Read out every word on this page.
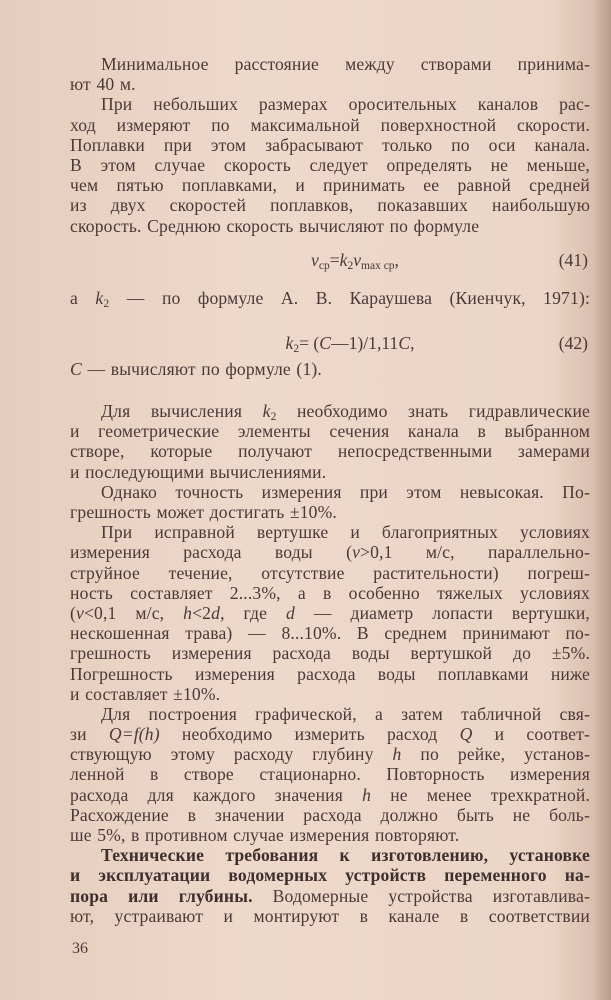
Минимальное расстояние между створами принима-
ют 40 м.
При небольших размерах оросительных каналов рас-
ход измеряют по максимальной поверхностной скорости.
Поплавки при этом забрасывают только по оси канала.
В этом случае скорость следует определять не меньше,
чем пятью поплавками, и принимать ее равной средней
из двух скоростей поплавков, показавших наибольшую
скорость. Среднюю скорость вычисляют по формуле
$v_{ср}=k_2v_{max ср}$,	(41)
а $k_2$ — по формуле А. В. Караушева (Киенчук, 1971):
$k_2=$ (C—1)/1,11C,	(42)
C — вычисляют по формуле (1).
Для вычисления $k_2$ необходимо знать гидравлические
и геометрические элементы сечения канала в выбранном
створе, которые получают непосредственными замерами
и последующими вычислениями.
Однако точность измерения при этом невысокая. По-
грешность может достигать ±10%.
При исправной вертушке и благоприятных условиях
измерения расхода воды (v>0,1 м/с, параллельно-
струйное течение, отсутствие растительности) погреш-
ность составляет 2...3%, а в особенно тяжелых условиях
(v<0,1 м/с, h<2d, где d — диаметр лопасти вертушки,
нескошенная трава) — 8...10%. В среднем принимают по-
грешность измерения расхода воды вертушкой до ±5%.
Погрешность измерения расхода воды поплавками ниже
и составляет ±10%.
Для построения графической, а затем табличной свя-
зи Q=f(h) необходимо измерить расход Q и соответ-
ствующую этому расходу глубину h по рейке, установ-
ленной в створе стационарно. Повторность измерения
расхода для каждого значения h не менее трехкратной.
Расхождение в значении расхода должно быть не боль-
ше 5%, в противном случае измерения повторяют.
Технические требования к изготовлению, установке
и эксплуатации водомерных устройств переменного на-
пора или глубины. Водомерные устройства изготавлива-
ют, устраивают и монтируют в канале в соответствии
36
